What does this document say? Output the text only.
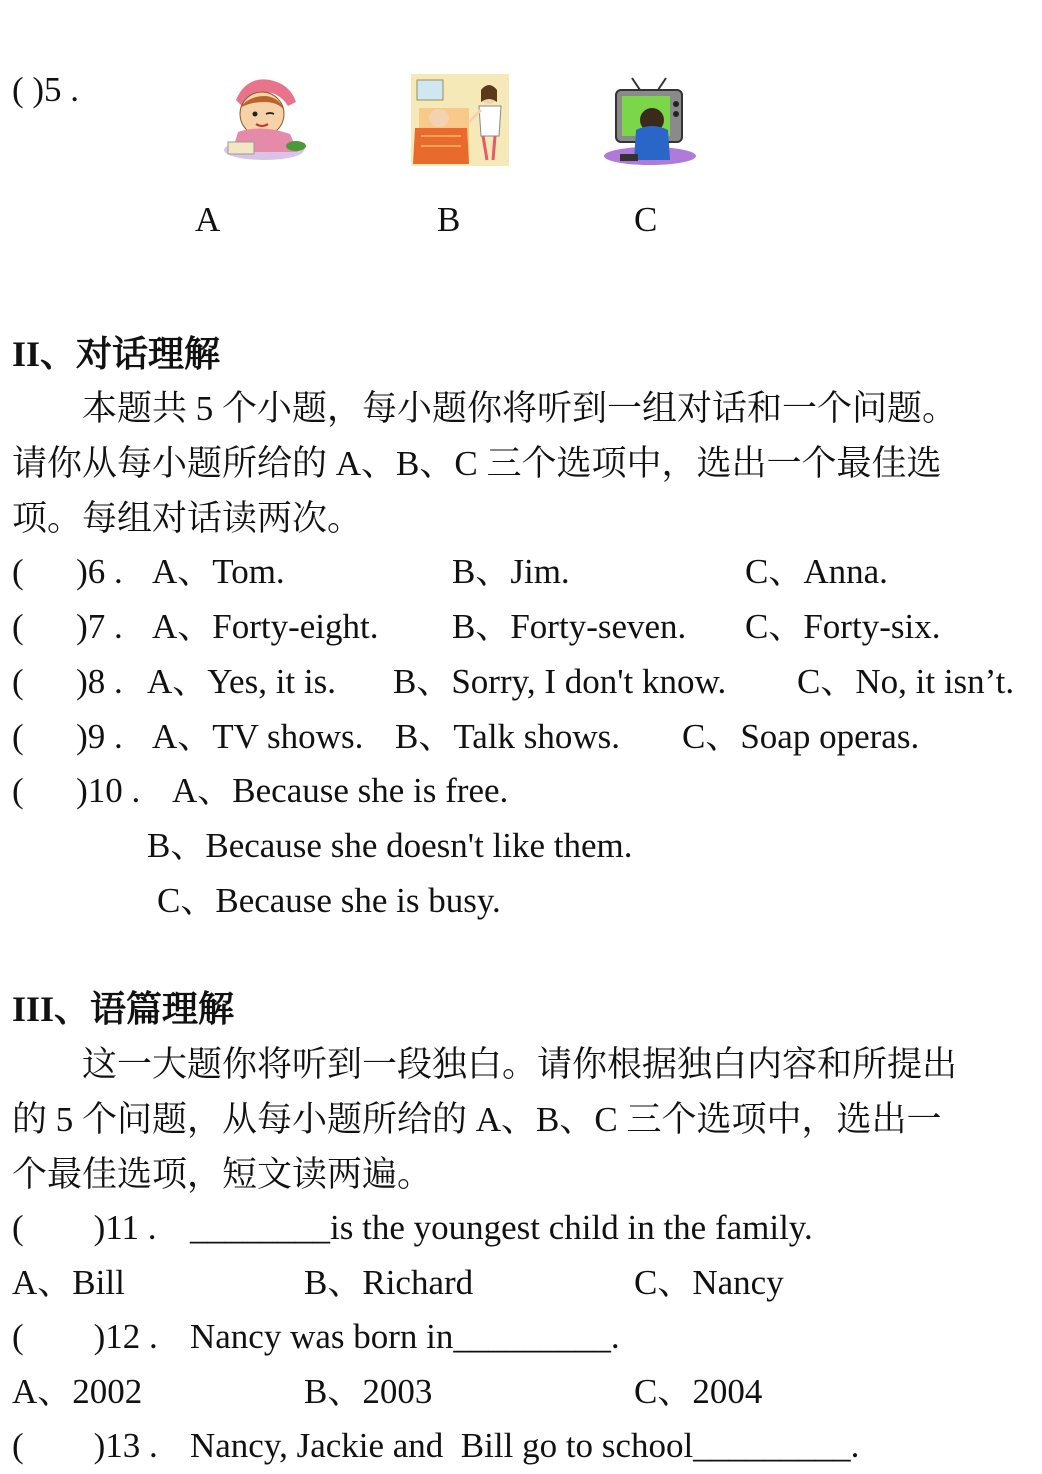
( )5 .
A	B	C
II、对话理解
本题共 5 个小题，每小题你将听到一组对话和一个问题。
请你从每小题所给的 A、B、C 三个选项中，选出一个最佳选
项。每组对话读两次。
(      )6 . A、Tom.	B、Jim.	C、Anna.
(      )7 . A、Forty-eight. B、Forty-seven. C、Forty-six.
(      )8 . A、Yes, it is. B、Sorry, I don't know. C、No, it isn’t.
(      )9 . A、TV shows. B、Talk shows. C、Soap operas.
(      )10 . A、Because she is free.
B、Because she doesn't like them.
C、Because she is busy.
III、语篇理解
这一大题你将听到一段独白。请你根据独白内容和所提出
的 5 个问题，从每小题所给的 A、B、C 三个选项中，选出一
个最佳选项，短文读两遍。
(        )11 . ________is the youngest child in the family.
A、Bill	B、Richard	C、Nancy
(        )12 . Nancy was born in_________.
A、2002	B、2003	C、2004
(        )13 . Nancy, Jackie and  Bill go to school_________.
